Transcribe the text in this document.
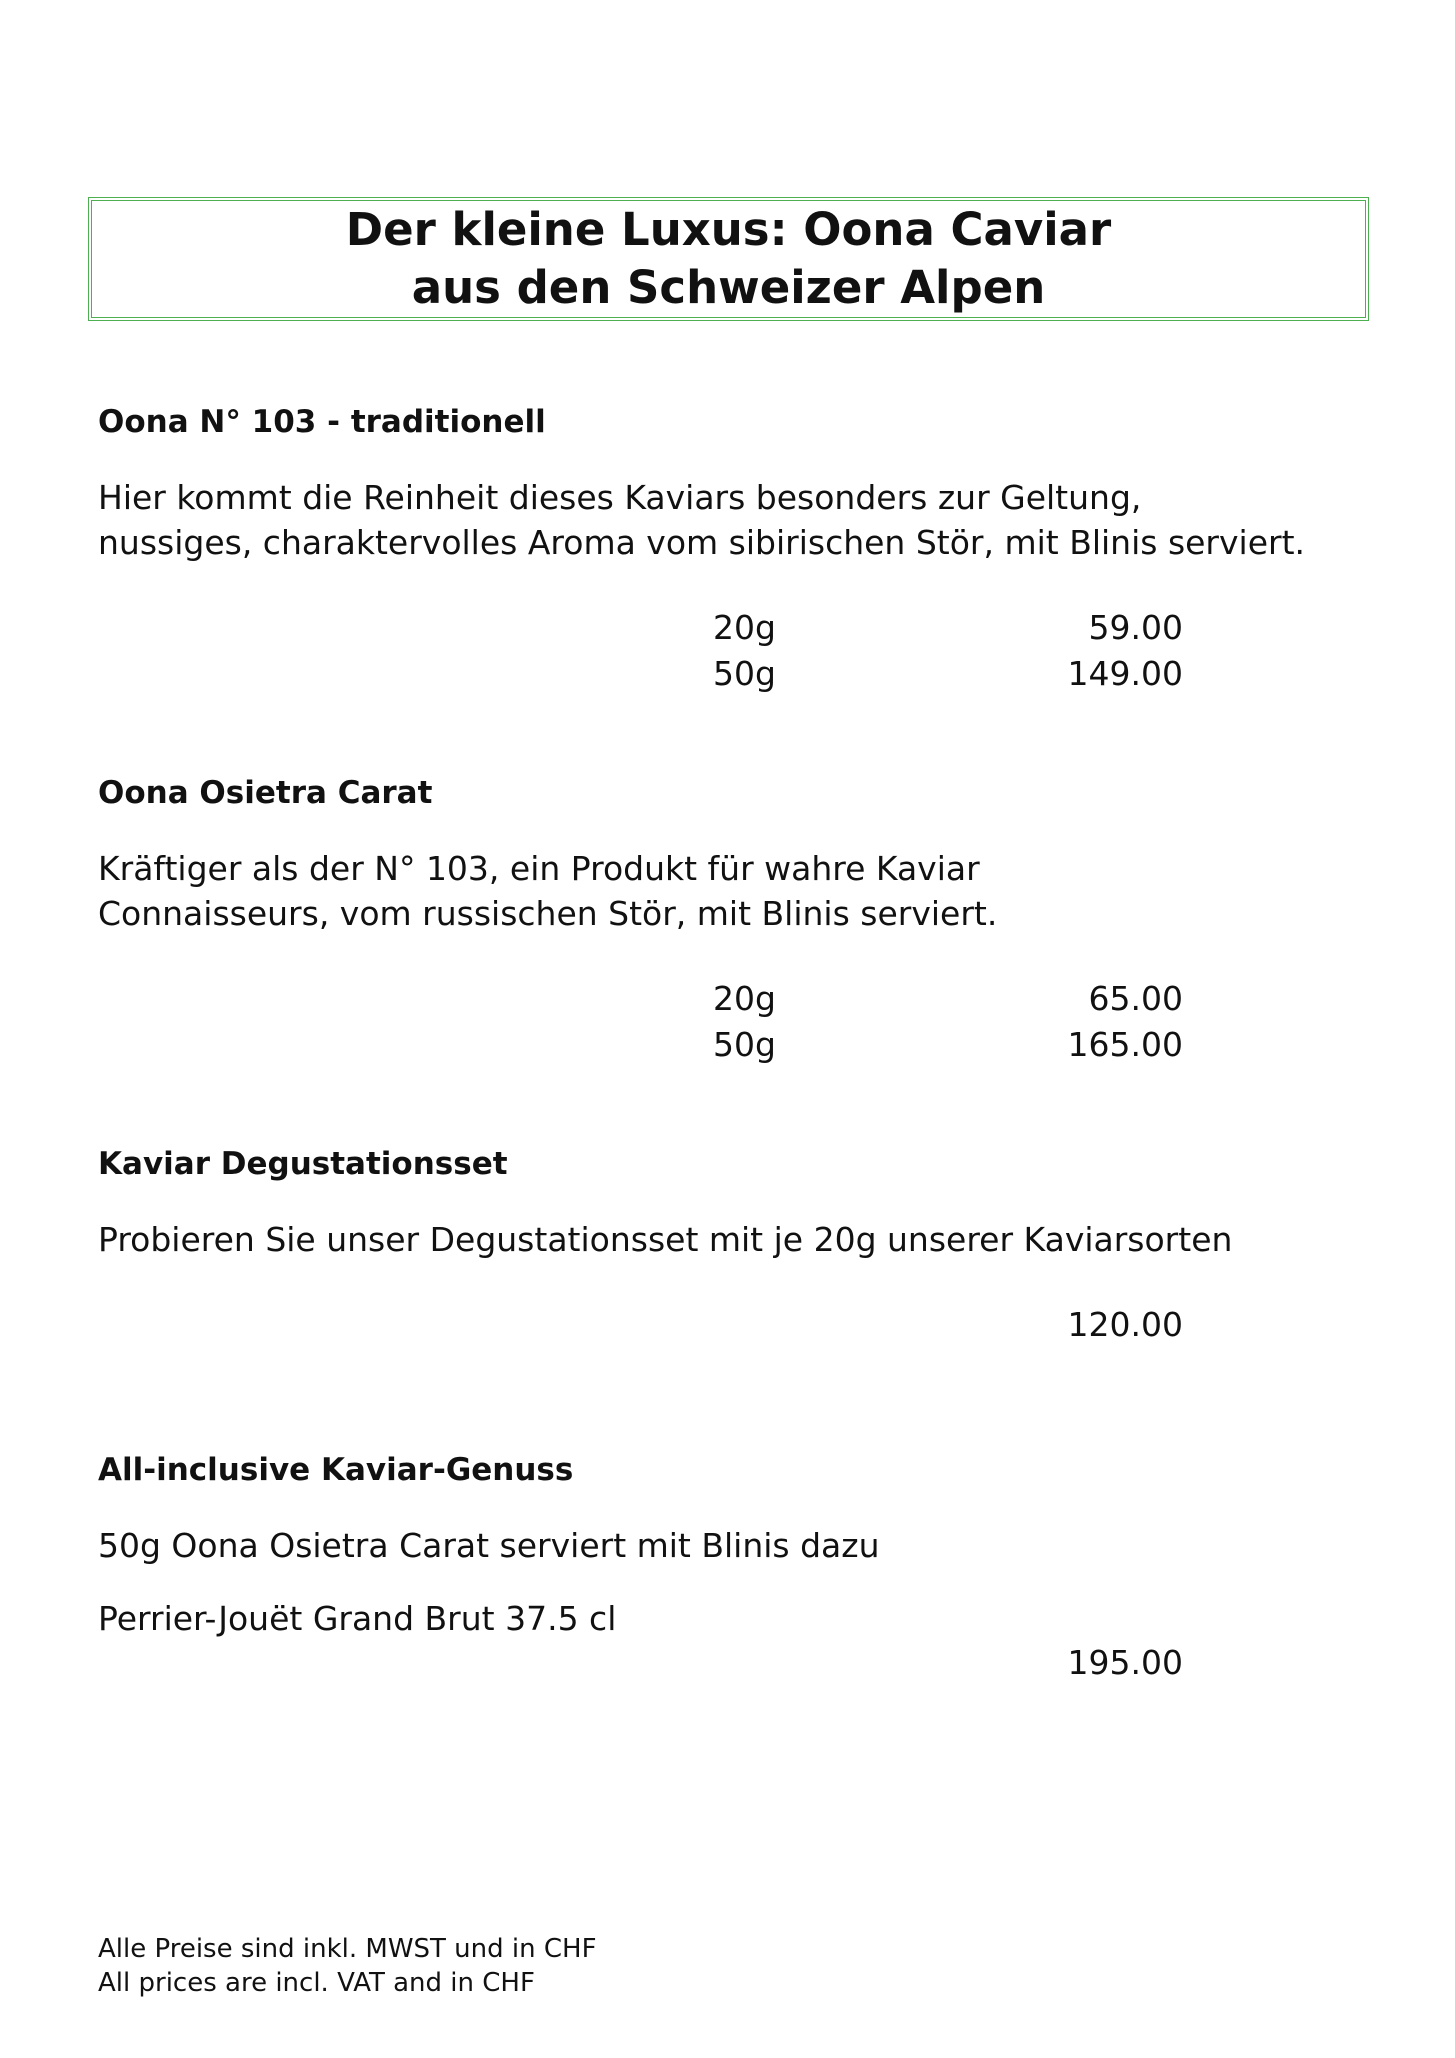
Der kleine Luxus: Oona Caviar
aus den Schweizer Alpen
Oona N° 103 - traditionell
Hier kommt die Reinheit dieses Kaviars besonders zur Geltung,
nussiges, charaktervolles Aroma vom sibirischen Stör, mit Blinis serviert.
20g	59.00
50g	149.00
Oona Osietra Carat
Kräftiger als der N° 103, ein Produkt für wahre Kaviar
Connaisseurs, vom russischen Stör, mit Blinis serviert.
20g	65.00
50g	165.00
Kaviar Degustationsset
Probieren Sie unser Degustationsset mit je 20g unserer Kaviarsorten
120.00
All-inclusive Kaviar-Genuss
50g Oona Osietra Carat serviert mit Blinis dazu
Perrier-Jouët Grand Brut 37.5 cl
195.00
Alle Preise sind inkl. MWST und in CHF
All prices are incl. VAT and in CHF
